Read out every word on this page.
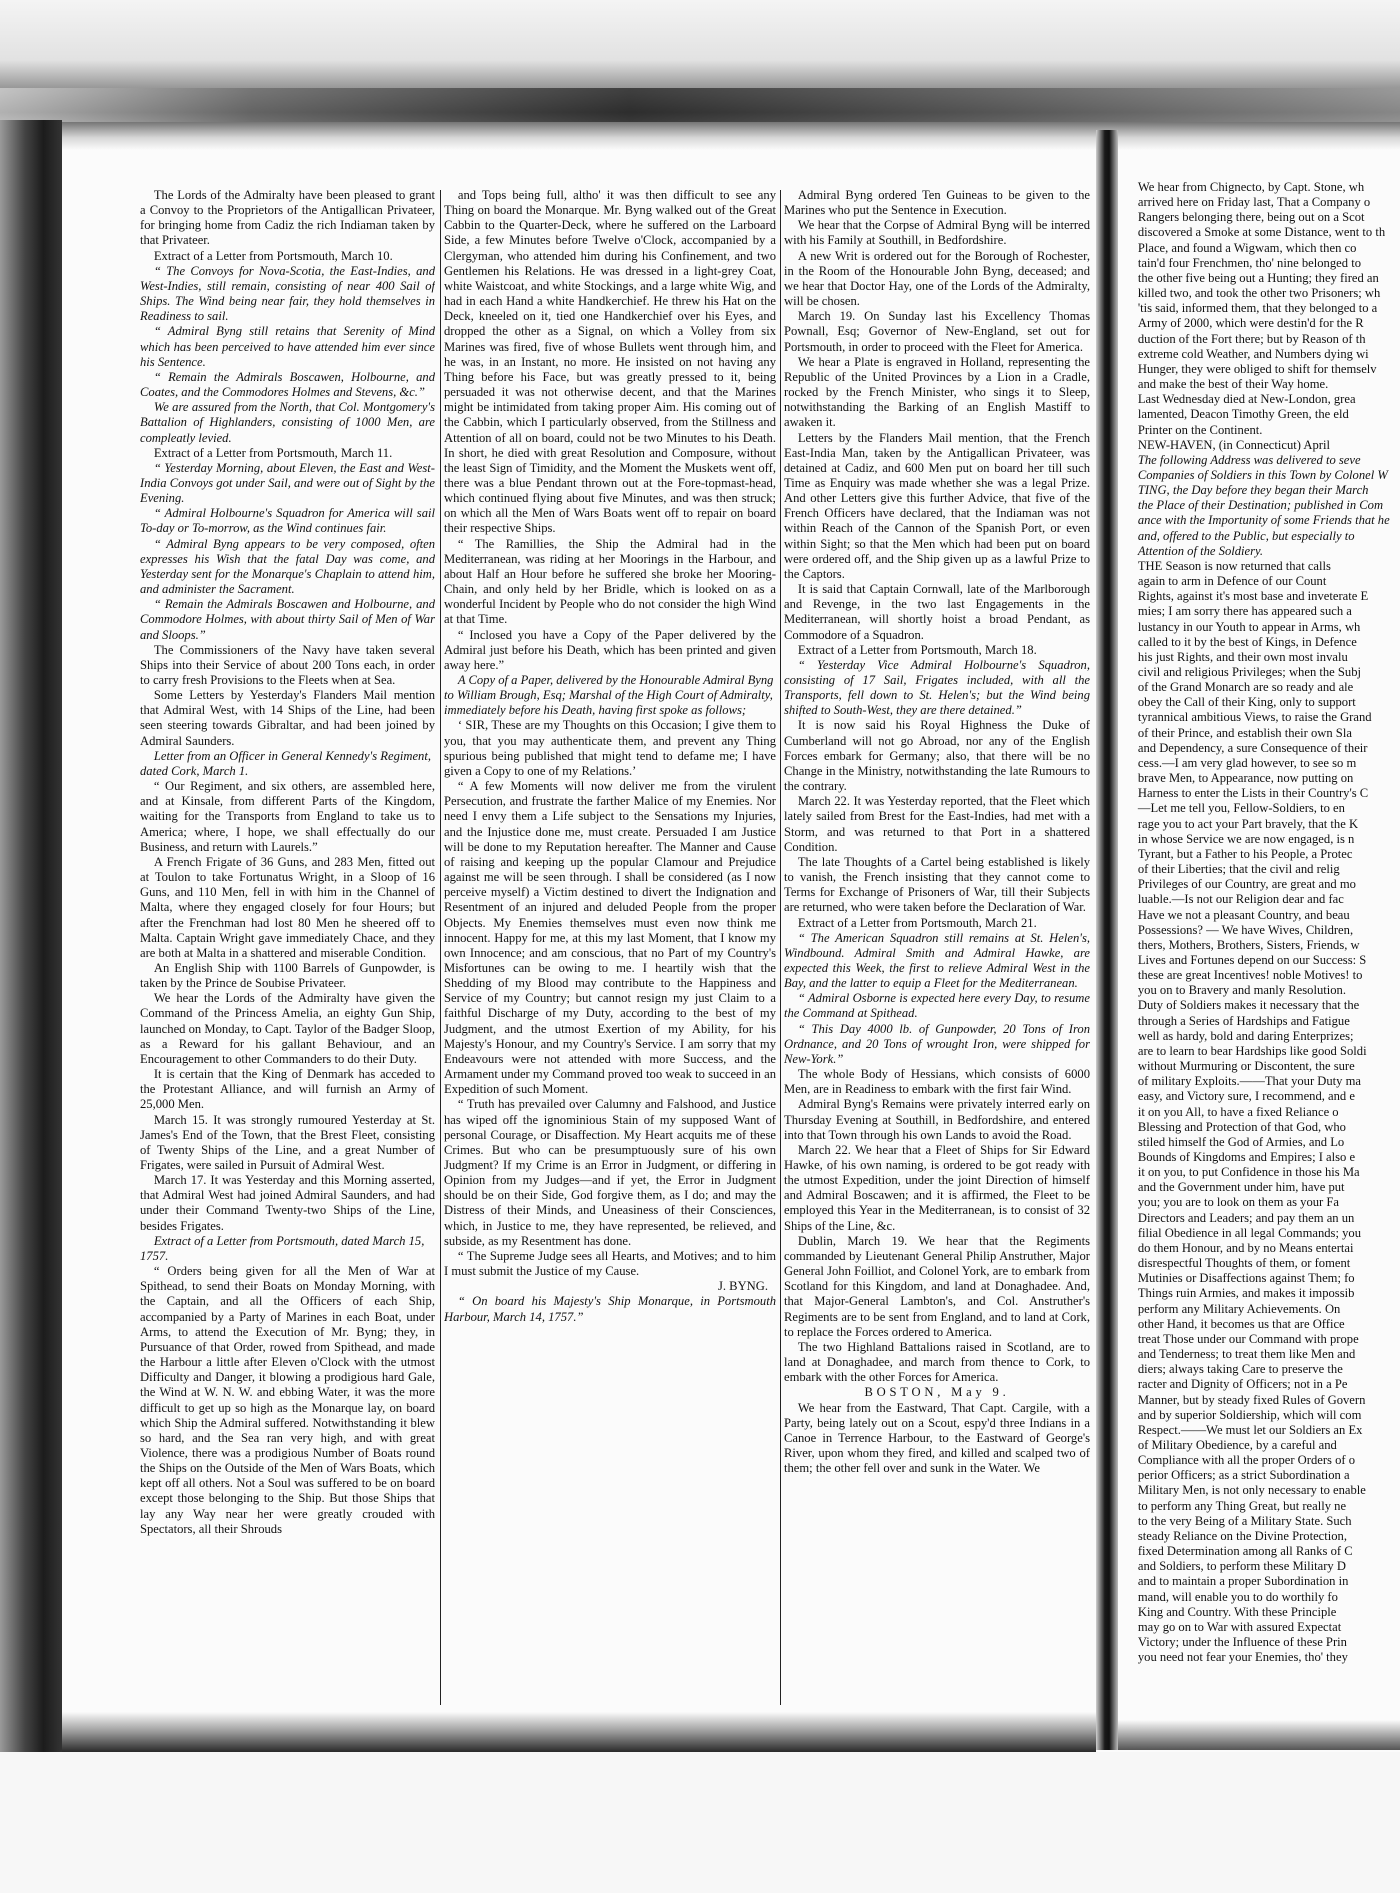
The Lords of the Admiralty have been pleased to grant a Convoy to the Proprietors of the Antigallican Privateer, for bringing home from Cadiz the rich Indiaman taken by that Privateer.

Extract of a Letter from Portsmouth, March 10.

“ The Convoys for Nova-Scotia, the East-Indies, and West-Indies, still remain, consisting of near 400 Sail of Ships. The Wind being near fair, they hold themselves in Readiness to sail.

“ Admiral Byng still retains that Serenity of Mind which has been perceived to have attended him ever since his Sentence.

“ Remain the Admirals Boscawen, Holbourne, and Coates, and the Commodores Holmes and Stevens, &c.”

We are assured from the North, that Col. Montgomery's Battalion of Highlanders, consisting of 1000 Men, are compleatly levied.

Extract of a Letter from Portsmouth, March 11.

“ Yesterday Morning, about Eleven, the East and West-India Convoys got under Sail, and were out of Sight by the Evening.

“ Admiral Holbourne's Squadron for America will sail To-day or To-morrow, as the Wind continues fair.

“ Admiral Byng appears to be very composed, often expresses his Wish that the fatal Day was come, and Yesterday sent for the Monarque's Chaplain to attend him, and administer the Sacrament.

“ Remain the Admirals Boscawen and Holbourne, and Commodore Holmes, with about thirty Sail of Men of War and Sloops.”

The Commissioners of the Navy have taken several Ships into their Service of about 200 Tons each, in order to carry fresh Provisions to the Fleets when at Sea.

Some Letters by Yesterday's Flanders Mail mention that Admiral West, with 14 Ships of the Line, had been seen steering towards Gibraltar, and had been joined by Admiral Saunders.

Letter from an Officer in General Kennedy's Regiment, dated Cork, March 1.

“ Our Regiment, and six others, are assembled here, and at Kinsale, from different Parts of the Kingdom, waiting for the Transports from England to take us to America; where, I hope, we shall effectually do our Business, and return with Laurels.”

A French Frigate of 36 Guns, and 283 Men, fitted out at Toulon to take Fortunatus Wright, in a Sloop of 16 Guns, and 110 Men, fell in with him in the Channel of Malta, where they engaged closely for four Hours; but after the Frenchman had lost 80 Men he sheered off to Malta. Captain Wright gave immediately Chace, and they are both at Malta in a shattered and miserable Condition.

An English Ship with 1100 Barrels of Gunpowder, is taken by the Prince de Soubise Privateer.

We hear the Lords of the Admiralty have given the Command of the Princess Amelia, an eighty Gun Ship, launched on Monday, to Capt. Taylor of the Badger Sloop, as a Reward for his gallant Behaviour, and an Encouragement to other Commanders to do their Duty.

It is certain that the King of Denmark has acceded to the Protestant Alliance, and will furnish an Army of 25,000 Men.

March 15. It was strongly rumoured Yesterday at St. James's End of the Town, that the Brest Fleet, consisting of Twenty Ships of the Line, and a great Number of Frigates, were sailed in Pursuit of Admiral West.

March 17. It was Yesterday and this Morning asserted, that Admiral West had joined Admiral Saunders, and had under their Command Twenty-two Ships of the Line, besides Frigates.

Extract of a Letter from Portsmouth, dated March 15, 1757.

“ Orders being given for all the Men of War at Spithead, to send their Boats on Monday Morning, with the Captain, and all the Officers of each Ship, accompanied by a Party of Marines in each Boat, under Arms, to attend the Execution of Mr. Byng; they, in Pursuance of that Order, rowed from Spithead, and made the Harbour a little after Eleven o'Clock with the utmost Difficulty and Danger, it blowing a prodigious hard Gale, the Wind at W. N. W. and ebbing Water, it was the more difficult to get up so high as the Monarque lay, on board which Ship the Admiral suffered. Notwithstanding it blew so hard, and the Sea ran very high, and with great Violence, there was a prodigious Number of Boats round the Ships on the Outside of the Men of Wars Boats, which kept off all others. Not a Soul was suffered to be on board except those belonging to the Ship. But those Ships that lay any Way near her were greatly crouded with Spectators, all their Shrouds

and Tops being full, altho' it was then difficult to see any Thing on board the Monarque. Mr. Byng walked out of the Great Cabbin to the Quarter-Deck, where he suffered on the Larboard Side, a few Minutes before Twelve o'Clock, accompanied by a Clergyman, who attended him during his Confinement, and two Gentlemen his Relations. He was dressed in a light-grey Coat, white Waistcoat, and white Stockings, and a large white Wig, and had in each Hand a white Handkerchief. He threw his Hat on the Deck, kneeled on it, tied one Handkerchief over his Eyes, and dropped the other as a Signal, on which a Volley from six Marines was fired, five of whose Bullets went through him, and he was, in an Instant, no more. He insisted on not having any Thing before his Face, but was greatly pressed to it, being persuaded it was not otherwise decent, and that the Marines might be intimidated from taking proper Aim. His coming out of the Cabbin, which I particularly observed, from the Stillness and Attention of all on board, could not be two Minutes to his Death. In short, he died with great Resolution and Composure, without the least Sign of Timidity, and the Moment the Muskets went off, there was a blue Pendant thrown out at the Fore-topmast-head, which continued flying about five Minutes, and was then struck; on which all the Men of Wars Boats went off to repair on board their respective Ships.

“ The Ramillies, the Ship the Admiral had in the Mediterranean, was riding at her Moorings in the Harbour, and about Half an Hour before he suffered she broke her Mooring-Chain, and only held by her Bridle, which is looked on as a wonderful Incident by People who do not consider the high Wind at that Time.

“ Inclosed you have a Copy of the Paper delivered by the Admiral just before his Death, which has been printed and given away here.”

A Copy of a Paper, delivered by the Honourable Admiral Byng to William Brough, Esq; Marshal of the High Court of Admiralty, immediately before his Death, having first spoke as follows;

‘ SIR, These are my Thoughts on this Occasion; I give them to you, that you may authenticate them, and prevent any Thing spurious being published that might tend to defame me; I have given a Copy to one of my Relations.’

“ A few Moments will now deliver me from the virulent Persecution, and frustrate the farther Malice of my Enemies. Nor need I envy them a Life subject to the Sensations my Injuries, and the Injustice done me, must create. Persuaded I am Justice will be done to my Reputation hereafter. The Manner and Cause of raising and keeping up the popular Clamour and Prejudice against me will be seen through. I shall be considered (as I now perceive myself) a Victim destined to divert the Indignation and Resentment of an injured and deluded People from the proper Objects. My Enemies themselves must even now think me innocent. Happy for me, at this my last Moment, that I know my own Innocence; and am conscious, that no Part of my Country's Misfortunes can be owing to me. I heartily wish that the Shedding of my Blood may contribute to the Happiness and Service of my Country; but cannot resign my just Claim to a faithful Discharge of my Duty, according to the best of my Judgment, and the utmost Exertion of my Ability, for his Majesty's Honour, and my Country's Service. I am sorry that my Endeavours were not attended with more Success, and the Armament under my Command proved too weak to succeed in an Expedition of such Moment.

“ Truth has prevailed over Calumny and Falshood, and Justice has wiped off the ignominious Stain of my supposed Want of personal Courage, or Disaffection. My Heart acquits me of these Crimes. But who can be presumptuously sure of his own Judgment? If my Crime is an Error in Judgment, or differing in Opinion from my Judges—and if yet, the Error in Judgment should be on their Side, God forgive them, as I do; and may the Distress of their Minds, and Uneasiness of their Consciences, which, in Justice to me, they have represented, be relieved, and subside, as my Resentment has done.

“ The Supreme Judge sees all Hearts, and Motives; and to him I must submit the Justice of my Cause.

J. BYNG.

“ On board his Majesty's Ship Monarque, in Portsmouth Harbour, March 14, 1757.”

Admiral Byng ordered Ten Guineas to be given to the Marines who put the Sentence in Execution.

We hear that the Corpse of Admiral Byng will be interred with his Family at Southill, in Bedfordshire.

A new Writ is ordered out for the Borough of Rochester, in the Room of the Honourable John Byng, deceased; and we hear that Doctor Hay, one of the Lords of the Admiralty, will be chosen.

March 19. On Sunday last his Excellency Thomas Pownall, Esq; Governor of New-England, set out for Portsmouth, in order to proceed with the Fleet for America.

We hear a Plate is engraved in Holland, representing the Republic of the United Provinces by a Lion in a Cradle, rocked by the French Minister, who sings it to Sleep, notwithstanding the Barking of an English Mastiff to awaken it.

Letters by the Flanders Mail mention, that the French East-India Man, taken by the Antigallican Privateer, was detained at Cadiz, and 600 Men put on board her till such Time as Enquiry was made whether she was a legal Prize. And other Letters give this further Advice, that five of the French Officers have declared, that the Indiaman was not within Reach of the Cannon of the Spanish Port, or even within Sight; so that the Men which had been put on board were ordered off, and the Ship given up as a lawful Prize to the Captors.

It is said that Captain Cornwall, late of the Marlborough and Revenge, in the two last Engagements in the Mediterranean, will shortly hoist a broad Pendant, as Commodore of a Squadron.

Extract of a Letter from Portsmouth, March 18.

“ Yesterday Vice Admiral Holbourne's Squadron, consisting of 17 Sail, Frigates included, with all the Transports, fell down to St. Helen's; but the Wind being shifted to South-West, they are there detained.”

It is now said his Royal Highness the Duke of Cumberland will not go Abroad, nor any of the English Forces embark for Germany; also, that there will be no Change in the Ministry, notwithstanding the late Rumours to the contrary.

March 22. It was Yesterday reported, that the Fleet which lately sailed from Brest for the East-Indies, had met with a Storm, and was returned to that Port in a shattered Condition.

The late Thoughts of a Cartel being established is likely to vanish, the French insisting that they cannot come to Terms for Exchange of Prisoners of War, till their Subjects are returned, who were taken before the Declaration of War.

Extract of a Letter from Portsmouth, March 21.

“ The American Squadron still remains at St. Helen's, Windbound. Admiral Smith and Admiral Hawke, are expected this Week, the first to relieve Admiral West in the Bay, and the latter to equip a Fleet for the Mediterranean.

“ Admiral Osborne is expected here every Day, to resume the Command at Spithead.

“ This Day 4000 lb. of Gunpowder, 20 Tons of Iron Ordnance, and 20 Tons of wrought Iron, were shipped for New-York.”

The whole Body of Hessians, which consists of 6000 Men, are in Readiness to embark with the first fair Wind.

Admiral Byng's Remains were privately interred early on Thursday Evening at Southill, in Bedfordshire, and entered into that Town through his own Lands to avoid the Road.

March 22. We hear that a Fleet of Ships for Sir Edward Hawke, of his own naming, is ordered to be got ready with the utmost Expedition, under the joint Direction of himself and Admiral Boscawen; and it is affirmed, the Fleet to be employed this Year in the Mediterranean, is to consist of 32 Ships of the Line, &c.

Dublin, March 19. We hear that the Regiments commanded by Lieutenant General Philip Anstruther, Major General John Foilliot, and Colonel York, are to embark from Scotland for this Kingdom, and land at Donaghadee. And, that Major-General Lambton's, and Col. Anstruther's Regiments are to be sent from England, and to land at Cork, to replace the Forces ordered to America.

The two Highland Battalions raised in Scotland, are to land at Donaghadee, and march from thence to Cork, to embark with the other Forces for America.

BOSTON, May 9.

We hear from the Eastward, That Capt. Cargile, with a Party, being lately out on a Scout, espy'd three Indians in a Canoe in Terrence Harbour, to the Eastward of George's River, upon whom they fired, and killed and scalped two of them; the other fell over and sunk in the Water. We

We hear from Chignecto, by Capt. Stone, wh

arrived here on Friday last, That a Company o

Rangers belonging there, being out on a Scot

discovered a Smoke at some Distance, went to th

Place, and found a Wigwam, which then co

tain'd four Frenchmen, tho' nine belonged to

the other five being out a Hunting; they fired an

killed two, and took the other two Prisoners; wh

'tis said, informed them, that they belonged to a

Army of 2000, which were destin'd for the R

duction of the Fort there; but by Reason of th

extreme cold Weather, and Numbers dying wi

Hunger, they were obliged to shift for themselv

and make the best of their Way home.

Last Wednesday died at New-London, grea

lamented, Deacon Timothy Green, the eld

Printer on the Continent.

NEW-HAVEN, (in Connecticut) April

The following Address was delivered to seve

Companies of Soldiers in this Town by Colonel W

TING, the Day before they began their March

the Place of their Destination; published in Com

ance with the Importunity of some Friends that he

and, offered to the Public, but especially to

Attention of the Soldiery.

THE Season is now returned that calls

again to arm in Defence of our Count

Rights, against it's most base and inveterate E

mies; I am sorry there has appeared such a

lustancy in our Youth to appear in Arms, wh

called to it by the best of Kings, in Defence

his just Rights, and their own most invalu

civil and religious Privileges; when the Subj

of the Grand Monarch are so ready and ale

obey the Call of their King, only to support

tyrannical ambitious Views, to raise the Grand

of their Prince, and establish their own Sla

and Dependency, a sure Consequence of their

cess.—I am very glad however, to see so m

brave Men, to Appearance, now putting on

Harness to enter the Lists in their Country's C

—Let me tell you, Fellow-Soldiers, to en

rage you to act your Part bravely, that the K

in whose Service we are now engaged, is n

Tyrant, but a Father to his People, a Protec

of their Liberties; that the civil and relig

Privileges of our Country, are great and mo

luable.—Is not our Religion dear and fac

Have we not a pleasant Country, and beau

Possessions? — We have Wives, Children,

thers, Mothers, Brothers, Sisters, Friends, w

Lives and Fortunes depend on our Success: S

these are great Incentives! noble Motives! to

you on to Bravery and manly Resolution.

Duty of Soldiers makes it necessary that the

through a Series of Hardships and Fatigue

well as hardy, bold and daring Enterprizes;

are to learn to bear Hardships like good Soldi

without Murmuring or Discontent, the sure

of military Exploits.——That your Duty ma

easy, and Victory sure, I recommend, and e

it on you All, to have a fixed Reliance o

Blessing and Protection of that God, who

stiled himself the God of Armies, and Lo

Bounds of Kingdoms and Empires; I also e

it on you, to put Confidence in those his Ma

and the Government under him, have put

you; you are to look on them as your Fa

Directors and Leaders; and pay them an un

filial Obedience in all legal Commands; you

do them Honour, and by no Means entertai

disrespectful Thoughts of them, or foment

Mutinies or Disaffections against Them; fo

Things ruin Armies, and makes it impossib

perform any Military Achievements. On

other Hand, it becomes us that are Office

treat Those under our Command with prope

and Tenderness; to treat them like Men and

diers; always taking Care to preserve the

racter and Dignity of Officers; not in a Pe

Manner, but by steady fixed Rules of Govern

and by superior Soldiership, which will com

Respect.——We must let our Soldiers an Ex

of Military Obedience, by a careful and

Compliance with all the proper Orders of o

perior Officers; as a strict Subordination a

Military Men, is not only necessary to enable

to perform any Thing Great, but really ne

to the very Being of a Military State. Such

steady Reliance on the Divine Protection,

fixed Determination among all Ranks of C

and Soldiers, to perform these Military D

and to maintain a proper Subordination in

mand, will enable you to do worthily fo

King and Country. With these Principle

may go on to War with assured Expectat

Victory; under the Influence of these Prin

you need not fear your Enemies, tho' they
